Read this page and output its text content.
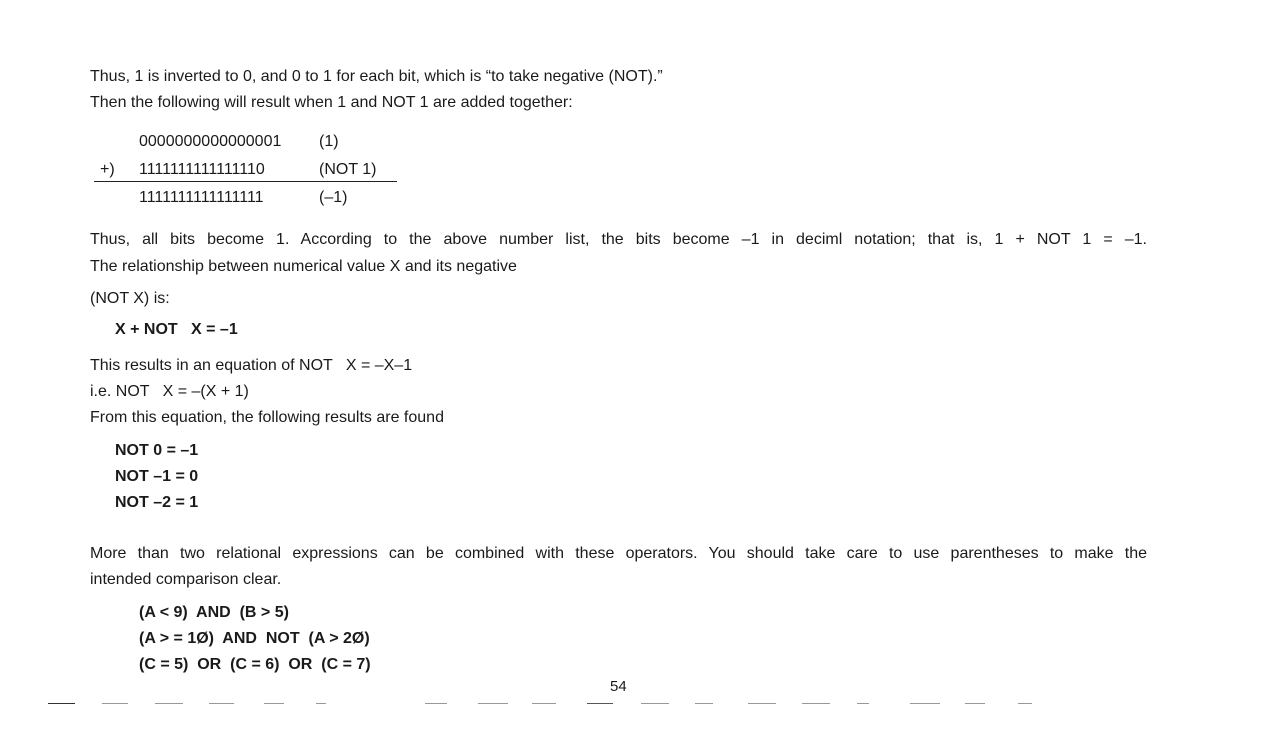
Thus, 1 is inverted to 0, and 0 to 1 for each bit, which is “to take negative (NOT).”
Then the following will result when 1 and NOT 1 are added together:
0000000000000001 (1)
+) 1111111111111110	(NOT 1)
1111111111111111	(–1)
Thus, all bits become 1. According to the above number list, the bits become –1 in deciml notation; that is, 1 + NOT 1 = –1.
The relationship between numerical value X and its negative
(NOT X) is:
X + NOT   X = –1
This results in an equation of NOT   X = –X–1
i.e. NOT   X = –(X + 1)
From this equation, the following results are found
NOT 0 = –1
NOT –1 = 0
NOT –2 = 1
More than two relational expressions can be combined with these operators. You should take care to use parentheses to make the
intended comparison clear.
(A < 9)  AND  (B > 5)
(A > = 1Ø)  AND  NOT  (A > 2Ø)
(C = 5)  OR  (C = 6)  OR  (C = 7)
54
